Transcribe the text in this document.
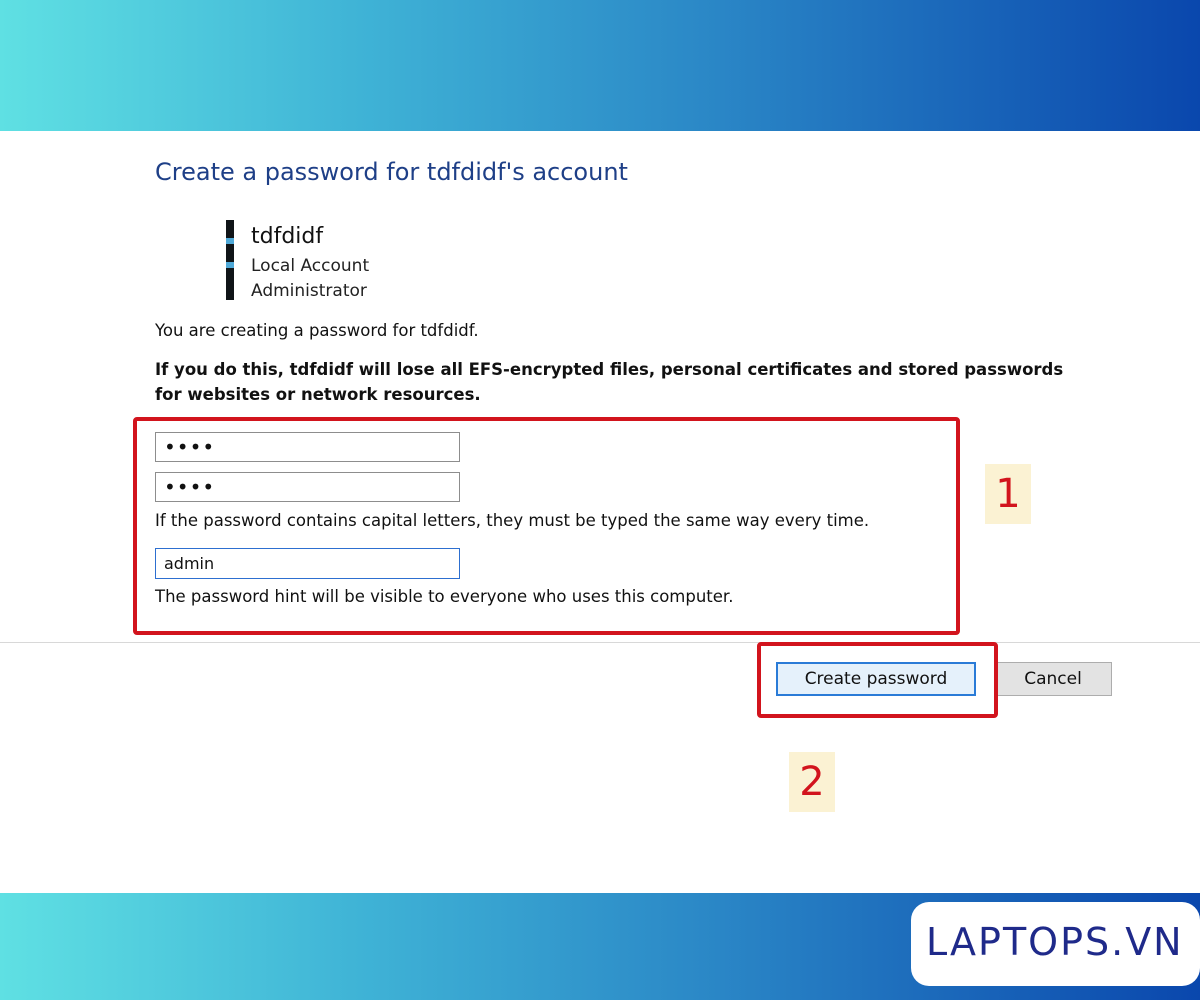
Create a password for tdfdidf's account
tdfdidf
Local Account
Administrator
You are creating a password for tdfdidf.
If you do this, tdfdidf will lose all EFS-encrypted files, personal certificates and stored passwords for websites or network resources.
••••
••••
If the password contains capital letters, they must be typed the same way every time.
admin
The password hint will be visible to everyone who uses this computer.
Create password	Cancel
1
2
LAPTOPS.VN
